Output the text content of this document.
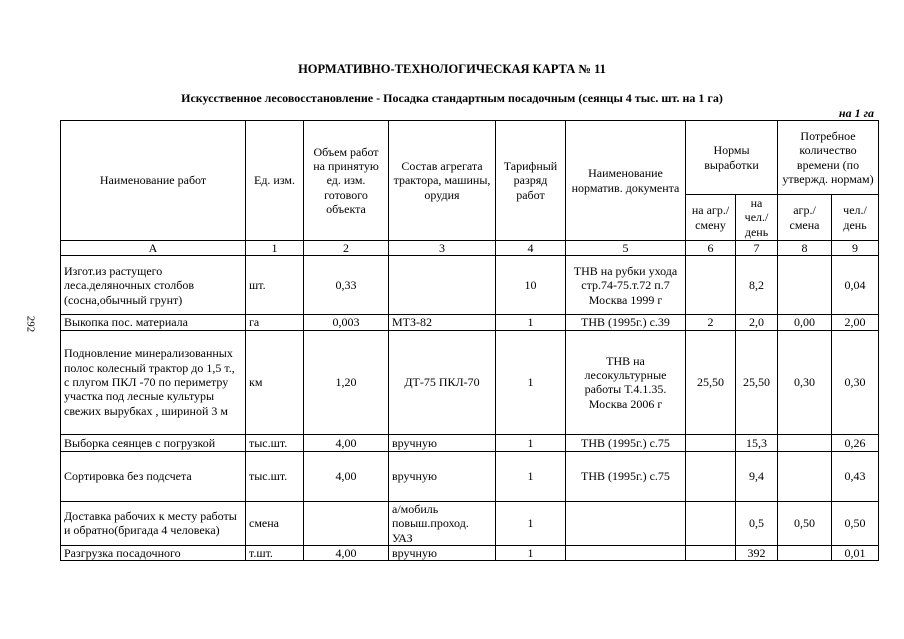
292
НОРМАТИВНО-ТЕХНОЛОГИЧЕСКАЯ КАРТА № 11
Искусственное лесовосстановление - Посадка стандартным посадочным (сеянцы 4 тыс. шт. на 1 га)
на 1 га
Наименование работ	Ед. изм.	Объем работ на принятую ед. изм. готового объекта	Состав агрегата трактора, машины, орудия	Тарифный разряд работ	Наименование норматив. документа	Нормы выработки		Потребное количество времени (по утвержд. нормам)	
						на агр./ смену	на чел./ день	агр./ смена	чел./ день
А	1	2	3	4	5	6	7	8	9
Изгот.из растущего леса.деляночных столбов (сосна,обычный грунт)	шт.	0,33		10	ТНВ на рубки ухода стр.74-75.т.72 п.7 Москва 1999 г		8,2		0,04
Выкопка пос. материала	га	0,003	МТЗ-82	1	ТНВ (1995г.) с.39	2	2,0	0,00	2,00
Подновление минерализованных полос колесный трактор до 1,5 т., с плугом ПКЛ -70 по периметру участка под лесные культуры свежих вырубках , шириной 3 м	км	1,20	ДТ-75 ПКЛ-70	1	ТНВ на лесокультурные работы Т.4.1.35. Москва 2006 г	25,50	25,50	0,30	0,30
Выборка сеянцев с погрузкой	тыс.шт.	4,00	вручную	1	ТНВ (1995г.) с.75		15,3		0,26
Сортировка без подсчета	тыс.шт.	4,00	вручную	1	ТНВ (1995г.) с.75		9,4		0,43
Доставка рабочих к месту работы и обратно(бригада 4 человека)	смена		а/мобиль повыш.проход. УАЗ	1			0,5	0,50	0,50
Разгрузка посадочного	т.шт.	4,00	вручную	1			392		0,01
